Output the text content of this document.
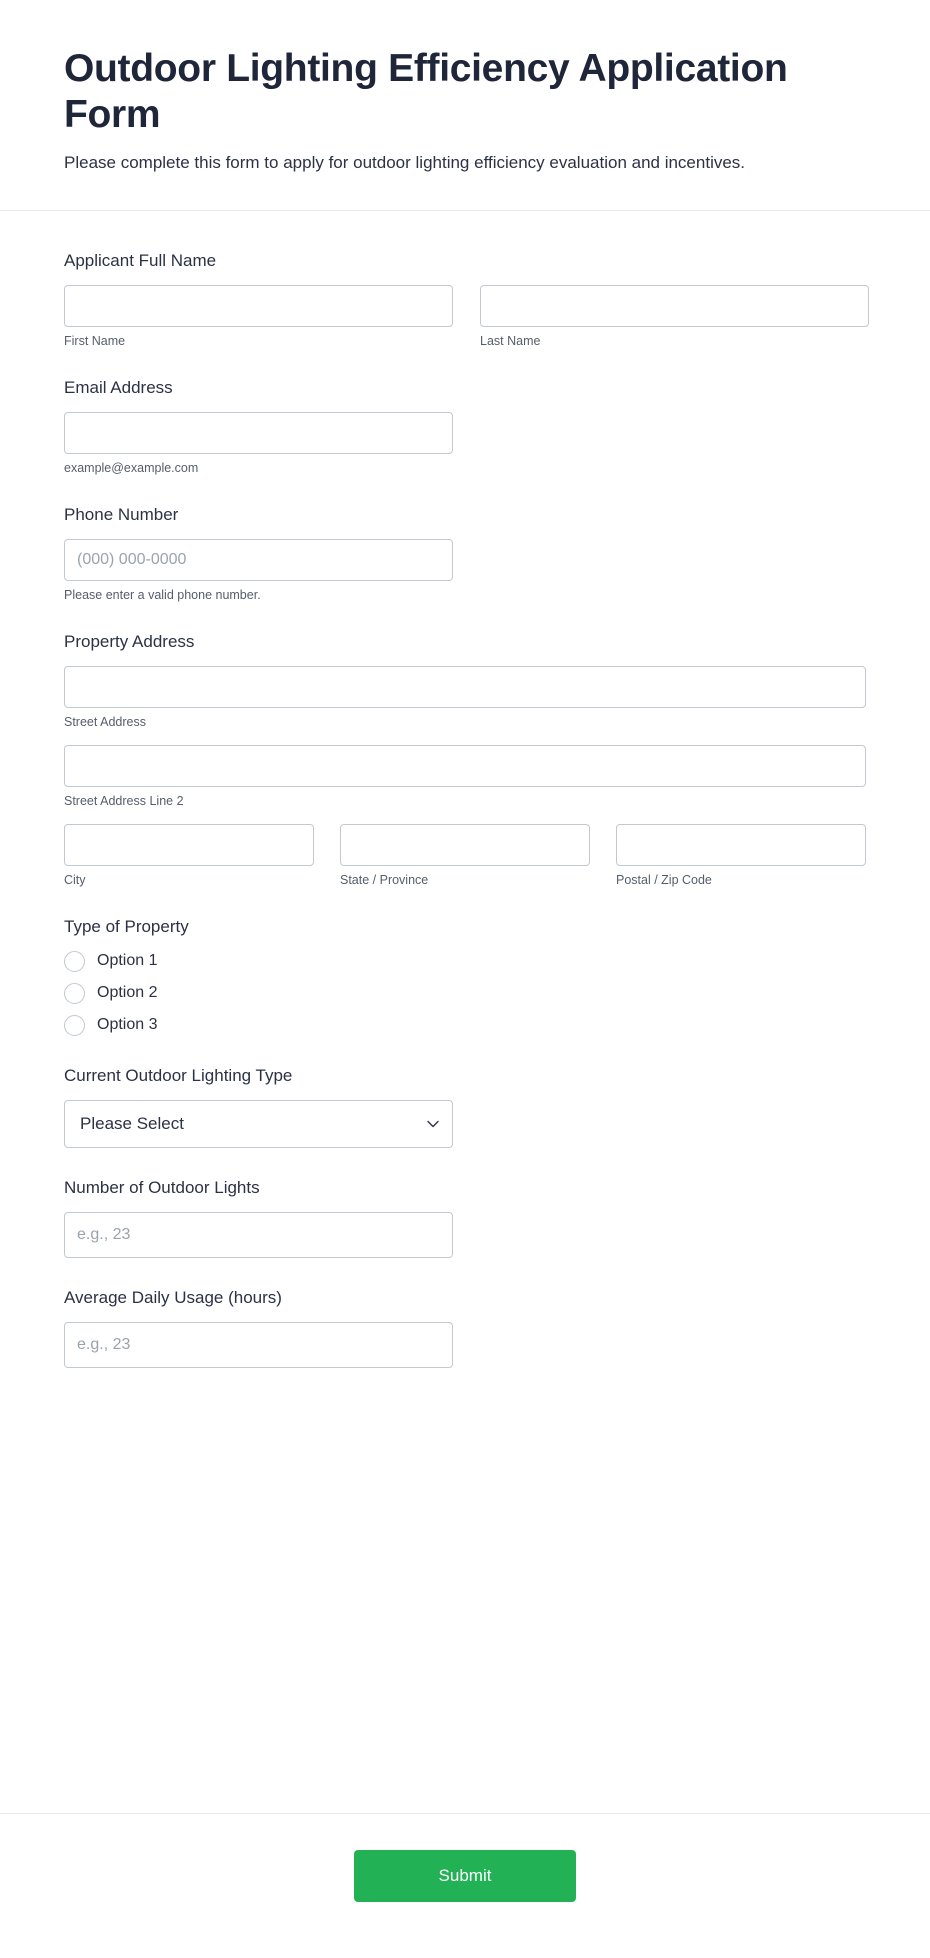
Outdoor Lighting Efficiency Application Form

Please complete this form to apply for outdoor lighting efficiency evaluation and incentives.

Applicant Full Name
First Name	Last Name
Email Address
example@example.com
Phone Number
(000) 000-0000
Please enter a valid phone number.
Property Address
Street Address
Street Address Line 2
City	State / Province	Postal / Zip Code
Type of Property
Option 1
Option 2
Option 3
Current Outdoor Lighting Type
Please Select
Number of Outdoor Lights
e.g., 23
Average Daily Usage (hours)
e.g., 23
Submit
